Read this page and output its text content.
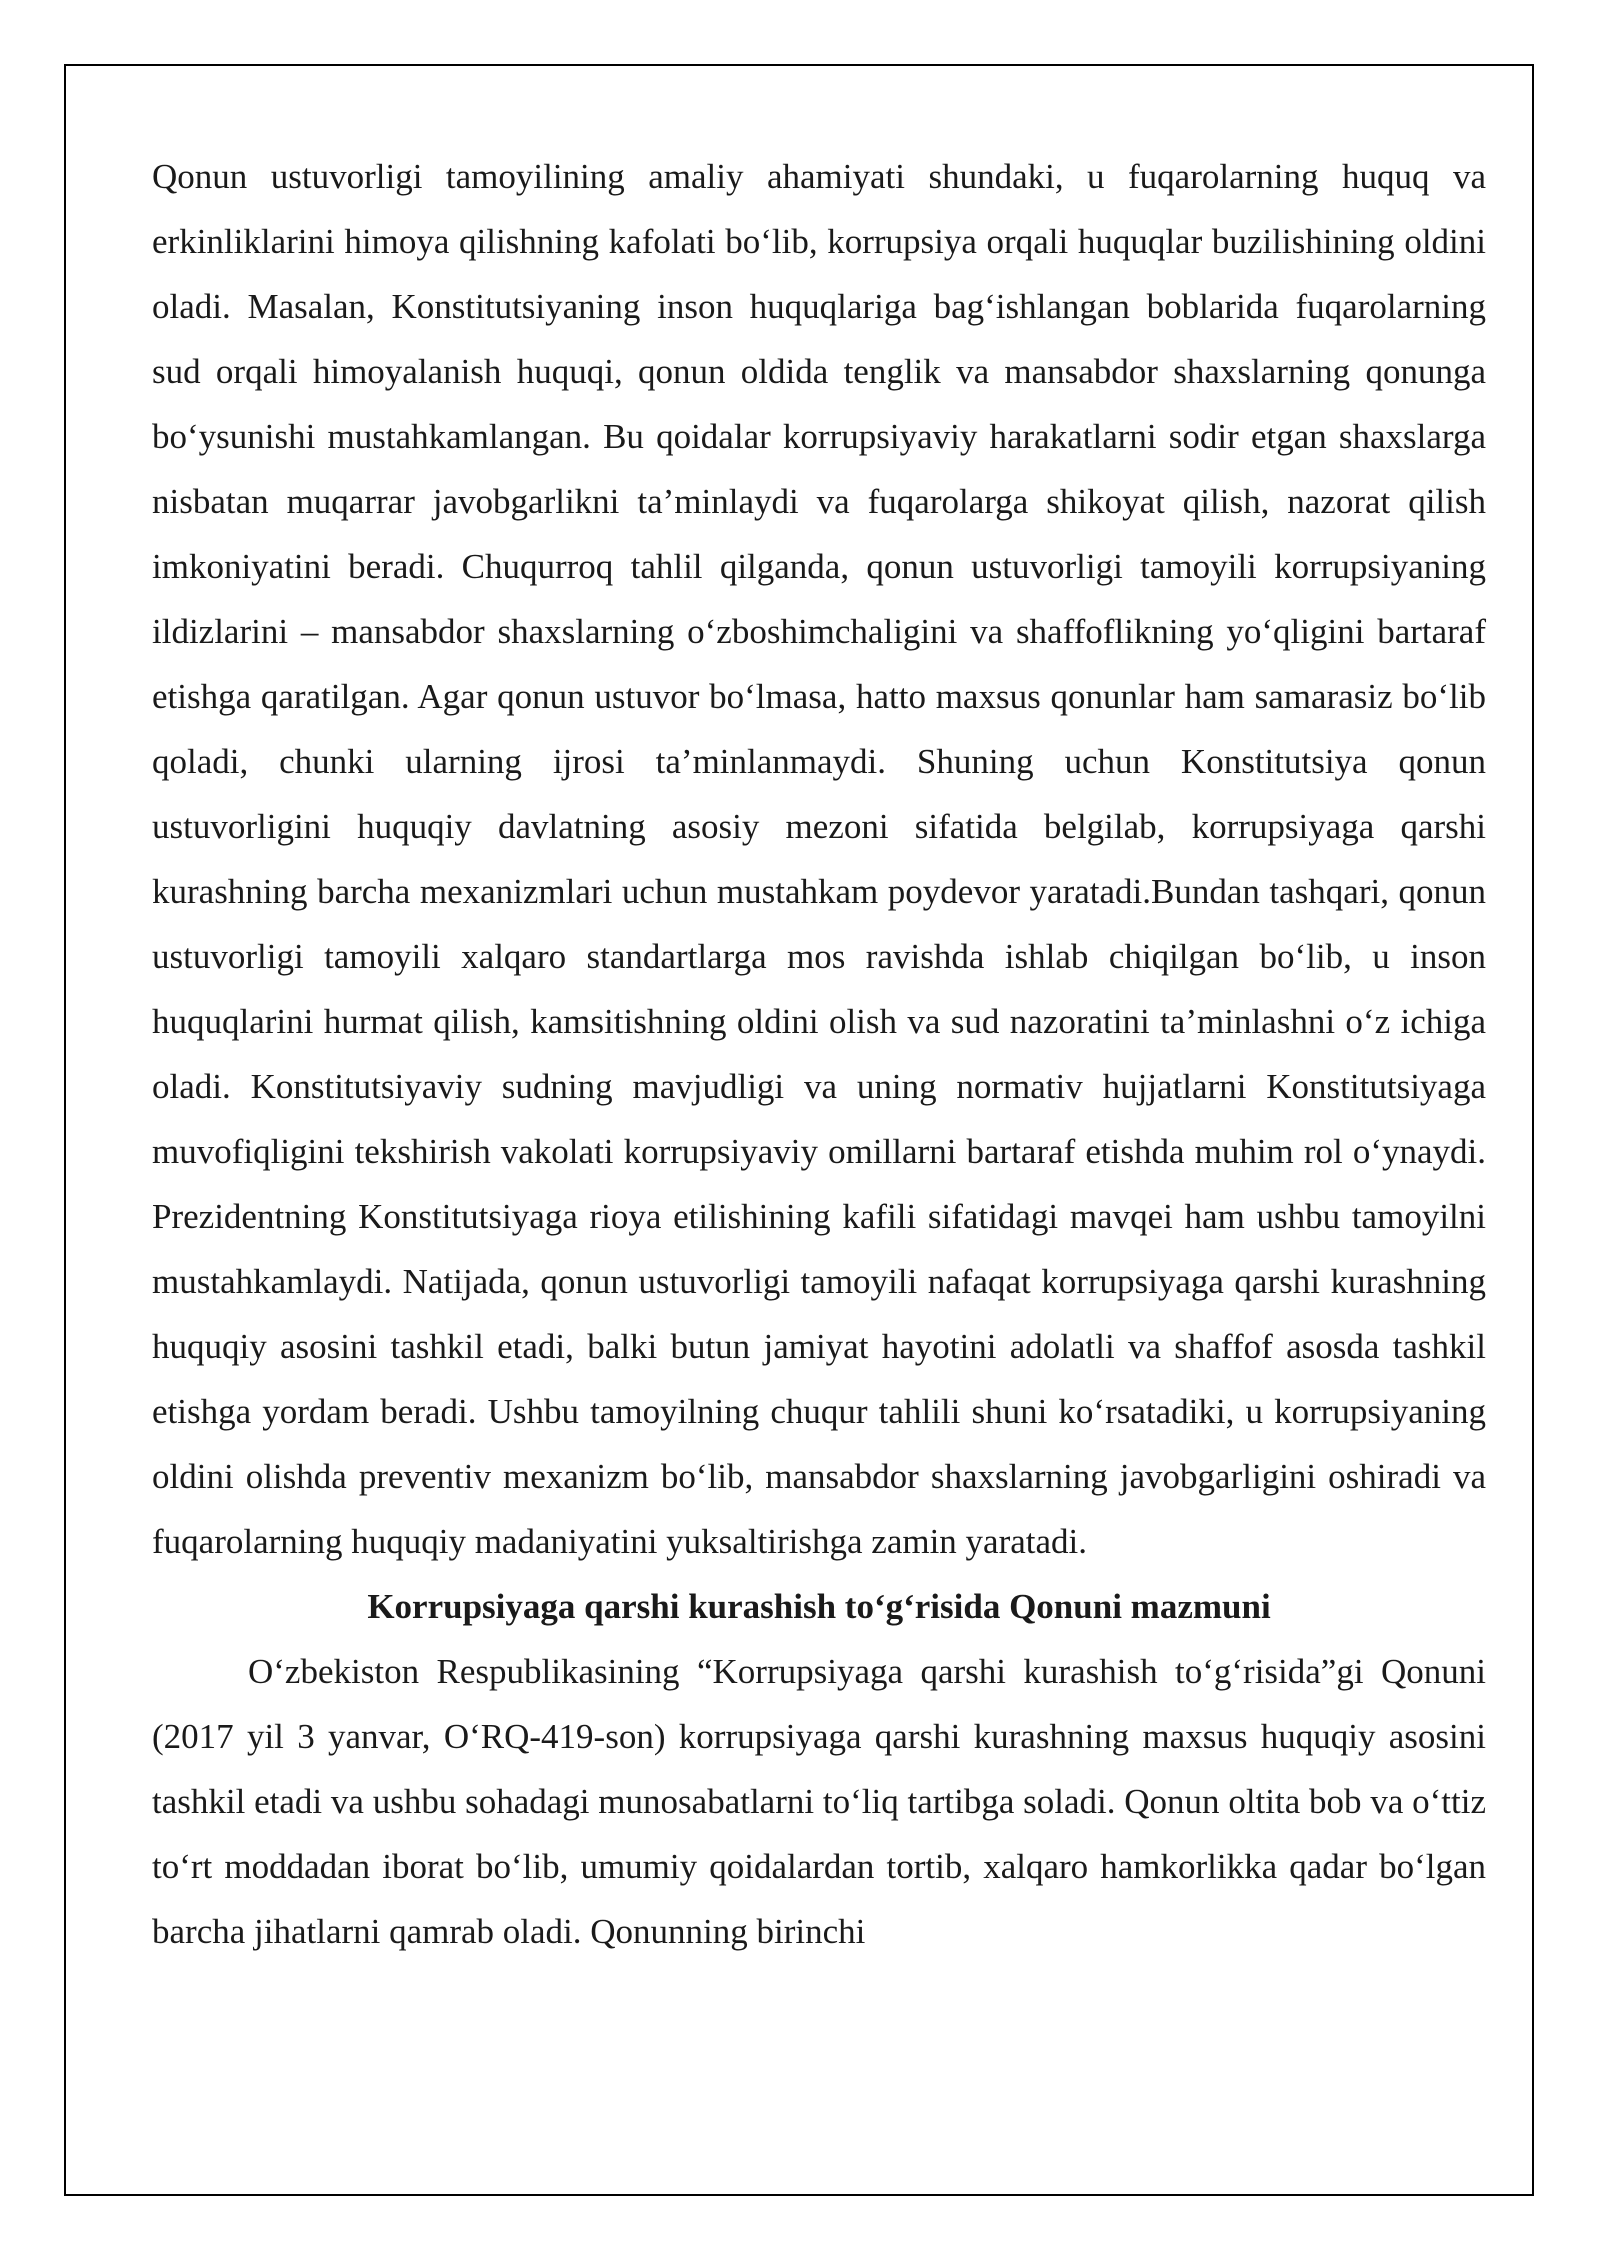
Qonun ustuvorligi tamoyilining amaliy ahamiyati shundaki, u fuqarolarning huquq va erkinliklarini himoya qilishning kafolati bo‘lib, korrupsiya orqali huquqlar buzilishining oldini oladi. Masalan, Konstitutsiyaning inson huquqlariga bag‘ishlangan boblarida fuqarolarning sud orqali himoyalanish huquqi, qonun oldida tenglik va mansabdor shaxslarning qonunga bo‘ysunishi mustahkamlangan. Bu qoidalar korrupsiyaviy harakatlarni sodir etgan shaxslarga nisbatan muqarrar javobgarlikni ta’minlaydi va fuqarolarga shikoyat qilish, nazorat qilish imkoniyatini beradi. Chuqurroq tahlil qilganda, qonun ustuvorligi tamoyili korrupsiyaning ildizlarini – mansabdor shaxslarning o‘zboshimchaligini va shaffoflikning yo‘qligini bartaraf etishga qaratilgan. Agar qonun ustuvor bo‘lmasa, hatto maxsus qonunlar ham samarasiz bo‘lib qoladi, chunki ularning ijrosi ta’minlanmaydi. Shuning uchun Konstitutsiya qonun ustuvorligini huquqiy davlatning asosiy mezoni sifatida belgilab, korrupsiyaga qarshi kurashning barcha mexanizmlari uchun mustahkam poydevor yaratadi.Bundan tashqari, qonun ustuvorligi tamoyili xalqaro standartlarga mos ravishda ishlab chiqilgan bo‘lib, u inson huquqlarini hurmat qilish, kamsitishning oldini olish va sud nazoratini ta’minlashni o‘z ichiga oladi. Konstitutsiyaviy sudning mavjudligi va uning normativ hujjatlarni Konstitutsiyaga muvofiqligini tekshirish vakolati korrupsiyaviy omillarni bartaraf etishda muhim rol o‘ynaydi. Prezidentning Konstitutsiyaga rioya etilishining kafili sifatidagi mavqei ham ushbu tamoyilni mustahkamlaydi. Natijada, qonun ustuvorligi tamoyili nafaqat korrupsiyaga qarshi kurashning huquqiy asosini tashkil etadi, balki butun jamiyat hayotini adolatli va shaffof asosda tashkil etishga yordam beradi. Ushbu tamoyilning chuqur tahlili shuni ko‘rsatadiki, u korrupsiyaning oldini olishda preventiv mexanizm bo‘lib, mansabdor shaxslarning javobgarligini oshiradi va fuqarolarning huquqiy madaniyatini yuksaltirishga zamin yaratadi.

Korrupsiyaga qarshi kurashish to‘g‘risida Qonuni mazmuni

O‘zbekiston Respublikasining “Korrupsiyaga qarshi kurashish to‘g‘risida”gi Qonuni (2017 yil 3 yanvar, O‘RQ-419-son) korrupsiyaga qarshi kurashning maxsus huquqiy asosini tashkil etadi va ushbu sohadagi munosabatlarni to‘liq tartibga soladi. Qonun oltita bob va o‘ttiz to‘rt moddadan iborat bo‘lib, umumiy qoidalardan tortib, xalqaro hamkorlikka qadar bo‘lgan barcha jihatlarni qamrab oladi. Qonunning birinchi
